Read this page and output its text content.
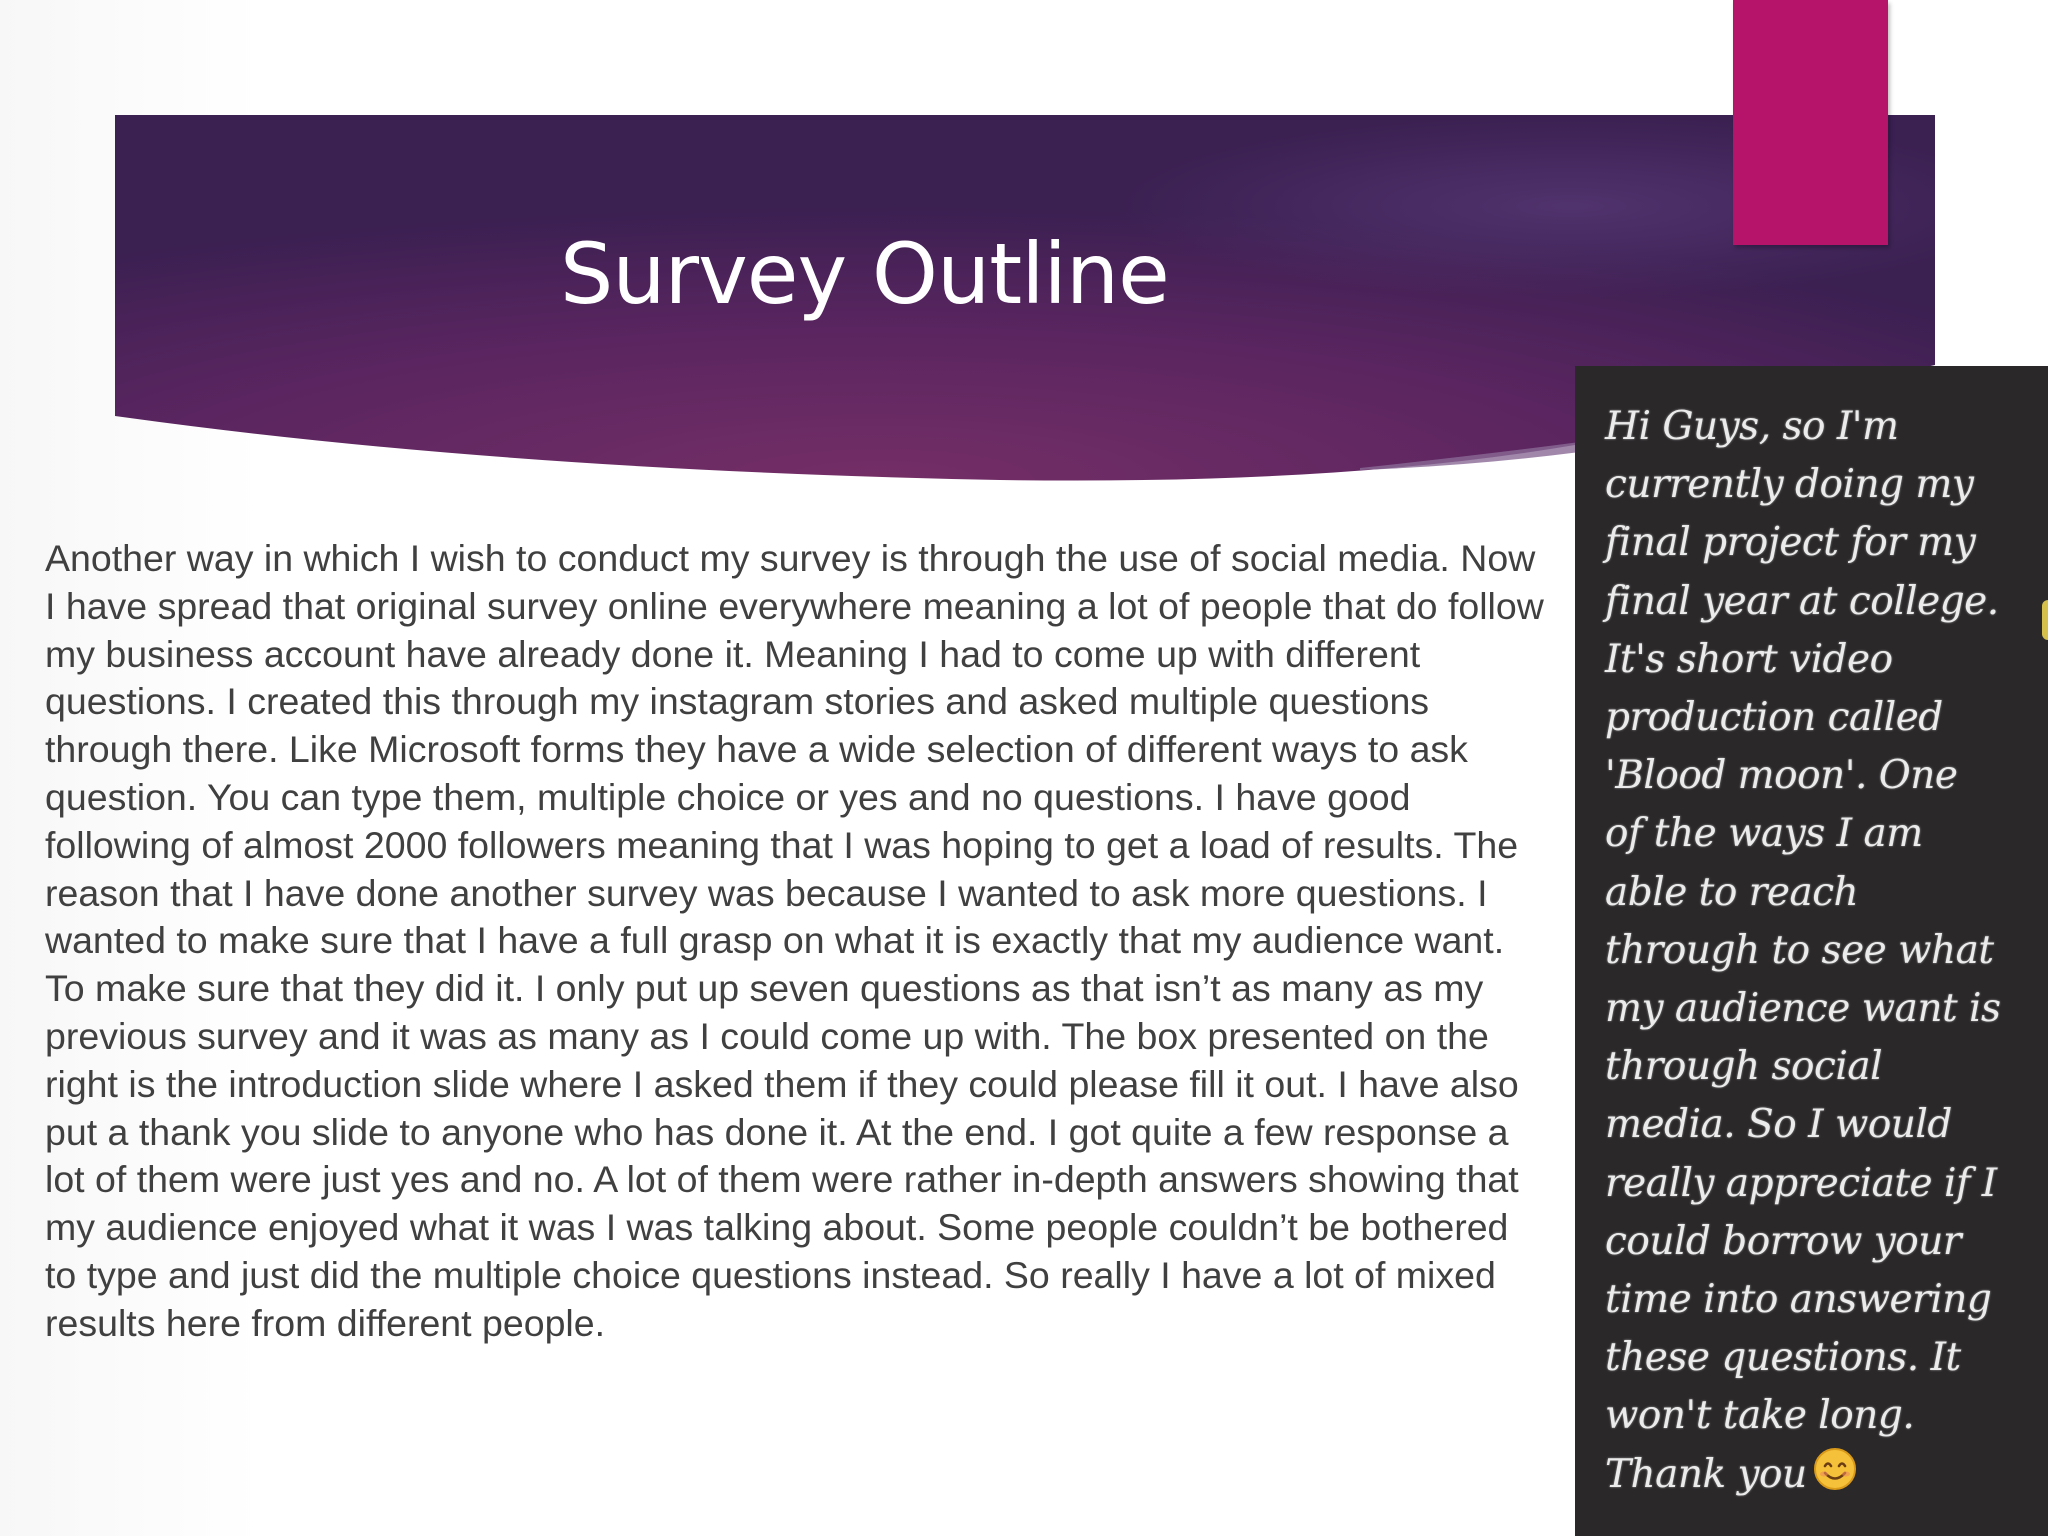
Survey Outline

Another way in which I wish to conduct my survey is through the use of social media. Now I have spread that original survey online everywhere meaning a lot of people that do follow my business account have already done it. Meaning I had to come up with different questions. I created this through my instagram stories and asked multiple questions through there. Like Microsoft forms they have a wide selection of different ways to ask question. You can type them, multiple choice or yes and no questions. I have good following of almost 2000 followers meaning that I was hoping to get a load of results. The reason that I have done another survey was because I wanted to ask more questions. I wanted to make sure that I have a full grasp on what it is exactly that my audience want. To make sure that they did it. I only put up seven questions as that isn’t as many as my previous survey and it was as many as I could come up with. The box presented on the right is the introduction slide where I asked them if they could please fill it out. I have also put a thank you slide to anyone who has done it. At the end. I got quite a few response a lot of them were just yes and no. A lot of them were rather in-depth answers showing that my audience enjoyed what it was I was talking about. Some people couldn’t be bothered to type and just did the multiple choice questions instead. So really I have a lot of mixed results here from different people.

Hi Guys, so I'm
currently doing my
final project for my
final year at college.
It's short video
production called
'Blood moon'. One
of the ways I am
able to reach
through to see what
my audience want is
through social
media. So I would
really appreciate if I
could borrow your
time into answering
these questions. It
won't take long.
Thank you
